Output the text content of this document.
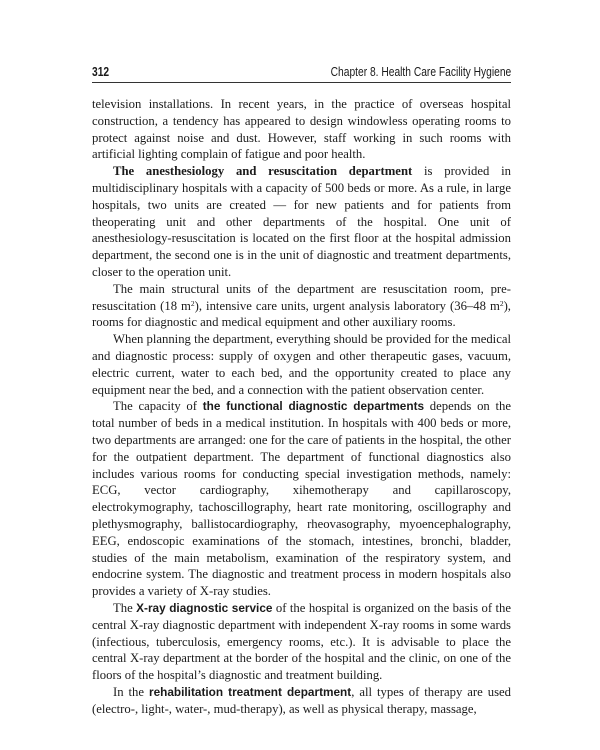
312	Chapter 8. Health Care Facility Hygiene

television installations. In recent years, in the practice of overseas hospital construction, a tendency has appeared to design windowless operating rooms to protect against noise and dust. However, staff working in such rooms with artificial lighting complain of fatigue and poor health.

The anesthesiology and resuscitation department is provided in multidisciplinary hospitals with a capacity of 500 beds or more. As a rule, in large hospitals, two units are created — for new patients and for patients from theoperating unit and other departments of the hospital. One unit of anesthesiology-resuscitation is located on the first floor at the hospital admission department, the second one is in the unit of diagnostic and treatment departments, closer to the operation unit.

The main structural units of the department are resuscitation room, pre-resuscitation (18 $m^2$), intensive care units, urgent analysis laboratory (36–48 $m^2$), rooms for diagnostic and medical equipment and other auxiliary rooms.

When planning the department, everything should be provided for the medical and diagnostic process: supply of oxygen and other therapeutic gases, vacuum, electric current, water to each bed, and the opportunity created to place any equipment near the bed, and a connection with the patient observation center.

The capacity of the functional diagnostic departments depends on the total number of beds in a medical institution. In hospitals with 400 beds or more, two departments are arranged: one for the care of patients in the hospital, the other for the outpatient department. The department of functional diagnostics also includes various rooms for conducting special investigation methods, namely: ECG, vector cardiography, xihemotherapy and capillaroscopy, electrokymography, tachoscillography, heart rate monitoring, oscillography and plethysmography, ballistocardiography, rheovasography, myoencephalography, EEG, endoscopic examinations of the stomach, intestines, bronchi, bladder, studies of the main metabolism, examination of the respiratory system, and endocrine system. The diagnostic and treatment process in modern hospitals also provides a variety of X-ray studies.

The X-ray diagnostic service of the hospital is organized on the basis of the central X-ray diagnostic department with independent X-ray rooms in some wards (infectious, tuberculosis, emergency rooms, etc.). It is advisable to place the central X-ray department at the border of the hospital and the clinic, on one of the floors of the hospital’s diagnostic and treatment building.

In the rehabilitation treatment department, all types of therapy are used (electro-, light-, water-, mud-therapy), as well as physical therapy, massage,
